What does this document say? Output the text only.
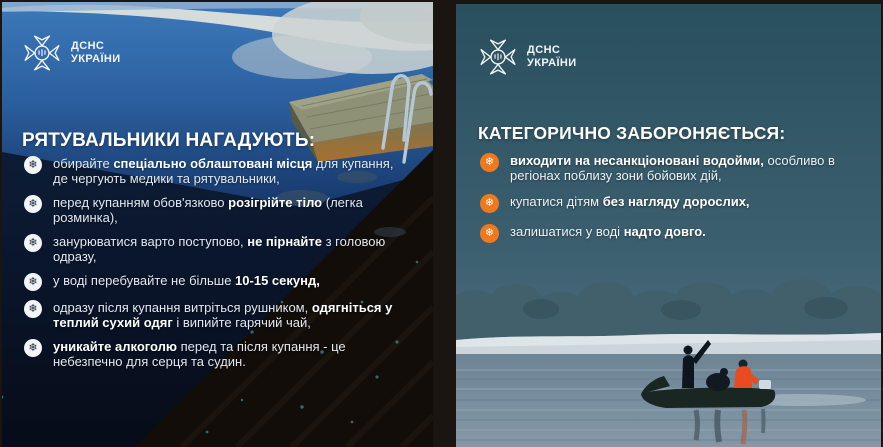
ДСНС
УКРАЇНИ
РЯТУВАЛЬНИКИ НАГАДУЮТЬ:
❄	обирайте спеціально облаштовані місця для купання, де чергують медики та рятувальники,
❄	перед купанням обов'язково розігрійте тіло (легка розминка),
❄	занурюватися варто поступово, не пірнайте з головою одразу,
❄	у воді перебувайте не більше 10-15 секунд,
❄	одразу після купання витріться рушником, одягніться у теплий сухий одяг і випийте гарячий чай,
❄	уникайте алкоголю перед та після купання - це небезпечно для серця та судин.
ДСНС
УКРАЇНИ
КАТЕГОРИЧНО ЗАБОРОНЯЄТЬСЯ:
❄	виходити на несанкціоновані водойми, особливо в регіонах поблизу зони бойових дій,
❄	купатися дітям без нагляду дорослих,
❄	залишатися у воді надто довго.
